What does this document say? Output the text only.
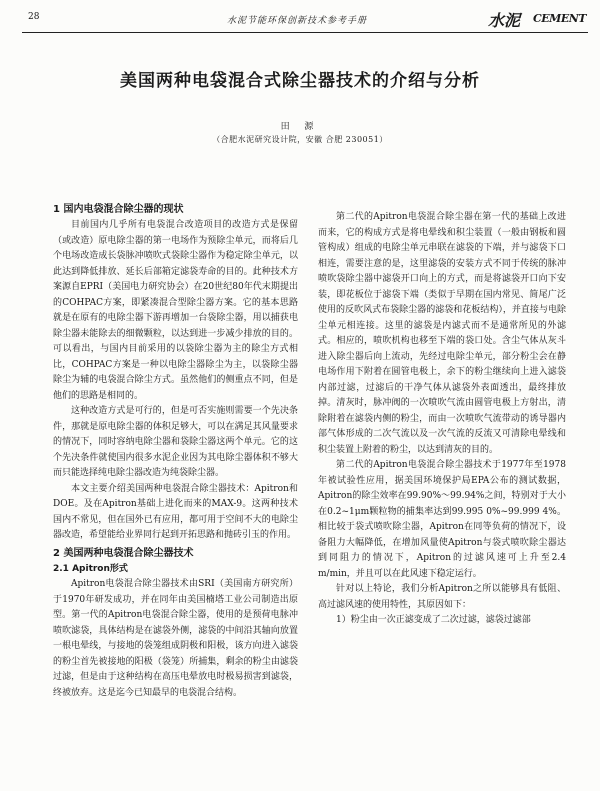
28	水泥节能环保创新技术参考手册	水泥 CEMENT
美国两种电袋混合式除尘器技术的介绍与分析
田 源
（合肥水泥研究设计院，安徽 合肥 230051）
1 国内电袋混合除尘器的现状

目前国内几乎所有电袋混合改造项目的改造方式是保留（或改造）原电除尘器的第一电场作为预除尘单元，而将后几个电场改造成长袋脉冲喷吹式袋除尘器作为稳定除尘单元，以此达到降低排放、延长后部箱定滤袋寿命的目的。此种技术方案源自EPRI（美国电力研究协会）在20世纪80年代末期提出的COHPAC方案，即紧凑混合型除尘器方案。它的基本思路就是在原有的电除尘器下游再增加一台袋除尘器，用以捕获电除尘器未能除去的细微颗粒，以达到进一步减少排放的目的。可以看出，与国内目前采用的以袋除尘器为主的除尘方式相比，COHPAC方案是一种以电除尘器除尘为主，以袋除尘器除尘为辅的电袋混合除尘方式。虽然他们的侧重点不同，但是他们的思路是相同的。

这种改造方式是可行的，但是可否实施则需要一个先决条件，那就是原电除尘器的体积足够大，可以在满足其风量要求的情况下，同时容纳电除尘器和袋除尘器这两个单元。它的这个先决条件就使国内很多水泥企业因为其电除尘器体积不够大而只能选择纯电除尘器改造为纯袋除尘器。

本文主要介绍美国两种电袋混合除尘器技术：Apitron和DOE。及在Apitron基础上进化而来的MAX-9。这两种技术国内不常见，但在国外已有应用，都可用于空间不大的电除尘器改造，希望能给业界同行起到开拓思路和抛砖引玉的作用。

2 美国两种电袋混合除尘器技术
2.1 Apitron形式

Apitron电袋混合除尘器技术由SRI（美国南方研究所）于1970年研发成功，并在同年由美国楠塔工业公司制造出原型。第一代的Apitron电袋混合除尘器，使用的是预荷电脉冲喷吹滤袋，具体结构是在滤袋外侧，滤袋的中间沿其轴向放置一根电晕线，与接地的袋笼组成阴极和阳极，该方向进入滤袋的粉尘首先被接地的阳极（袋笼）所捕集，剩余的粉尘由滤袋过滤，但是由于这种结构在高压电晕放电时极易损害到滤袋，终被放弃。这是迄今已知最早的电袋混合结构。

第二代的Apitron电袋混合除尘器在第一代的基础上改进而来，它的构成方式是将电晕线和积尘装置（一般由钢板和圆管构成）组成的电除尘单元串联在滤袋的下端，并与滤袋下口相连，需要注意的是，这里滤袋的安装方式不同于传统的脉冲喷吹袋除尘器中滤袋开口向上的方式，而是将滤袋开口向下安装，即花板位于滤袋下端（类似于早期在国内常见、简尾广泛使用的反吹风式布袋除尘器的滤袋和花板结构），并直接与电除尘单元相连接。这里的滤袋是内滤式而不是通常所见的外滤式。相应的，喷吹机构也移至下端的袋口处。含尘气体从灰斗进入除尘器后向上流动，先经过电除尘单元，部分粉尘会在静电场作用下附着在圆管电极上，余下的粉尘继续向上进入滤袋内部过滤，过滤后的干净气体从滤袋外表面透出，最终排放掉。清灰时，脉冲阀的一次喷吹气流由圆管电极上方射出，清除附着在滤袋内侧的粉尘，而由一次喷吹气流带动的诱导器内部气体形成的二次气流以及一次气流的反流又可清除电晕线和积尘装置上附着的粉尘，以达到清灰的目的。

第二代的Apitron电袋混合除尘器技术于1977年至1978年被试验性应用，据美国环境保护局EPA公布的测试数据，Apitron的除尘效率在99.90%～99.94%之间，特别对于大小在0.2~1μm颗粒物的捕集率达到99.995 0%~99.999 4%。相比较于袋式喷吹除尘器，Apitron在同等负荷的情况下，设备阻力大幅降低，在增加风量使Apitron与袋式喷吹除尘器达到同阻力的情况下，Apitron的过滤风速可上升至2.4 m/min，并且可以在此风速下稳定运行。

针对以上特论，我们分析Apitron之所以能够具有低阻、高过滤风速的使用特性，其原因如下：

1）粉尘由一次正滤变成了二次过滤，滤袋过滤部
